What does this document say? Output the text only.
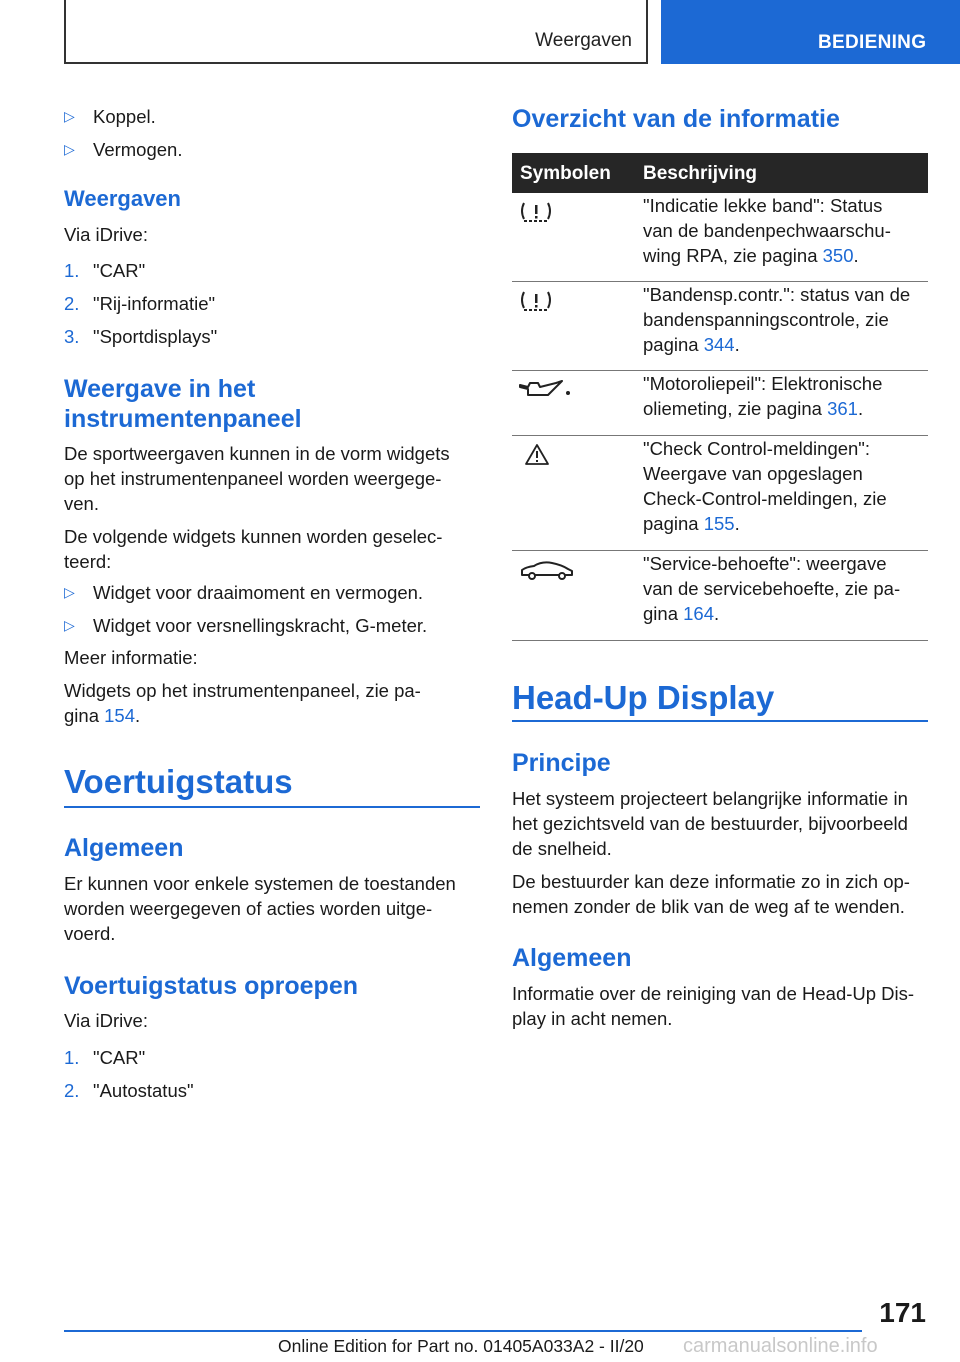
Weergaven	BEDIENING
▷ Koppel.
▷ Vermogen.
Weergaven
Via iDrive:
1. "CAR"
2. "Rij-informatie"
3. "Sportdisplays"
Weergave in het
instrumentenpaneel
De sportweergaven kunnen in de vorm widgets
op het instrumentenpaneel worden weergege-
ven.
De volgende widgets kunnen worden geselec-
teerd:
▷ Widget voor draaimoment en vermogen.
▷ Widget voor versnellingskracht, G-meter.
Meer informatie:
Widgets op het instrumentenpaneel, zie pa-
gina 154.
Voertuigstatus
Algemeen
Er kunnen voor enkele systemen de toestanden
worden weergegeven of acties worden uitge-
voerd.
Voertuigstatus oproepen
Via iDrive:
1. "CAR"
2. "Autostatus"
Overzicht van de informatie
Symbolen Beschrijving
"Indicatie lekke band": Status
van de bandenpechwaarschu-
wing RPA, zie pagina 350.
"Bandensp.contr.": status van de
bandenspanningscontrole, zie
pagina 344.
"Motoroliepeil": Elektronische
oliemeting, zie pagina 361.
"Check Control-meldingen":
Weergave van opgeslagen
Check-Control-meldingen, zie
pagina 155.
"Service-behoefte": weergave
van de servicebehoefte, zie pa-
gina 164.
Head-Up Display
Principe
Het systeem projecteert belangrijke informatie in
het gezichtsveld van de bestuurder, bijvoorbeeld
de snelheid.
De bestuurder kan deze informatie zo in zich op-
nemen zonder de blik van de weg af te wenden.
Algemeen
Informatie over de reiniging van de Head-Up Dis-
play in acht nemen.
171
Online Edition for Part no. 01405A033A2 - II/20 carmanualsonline.info
